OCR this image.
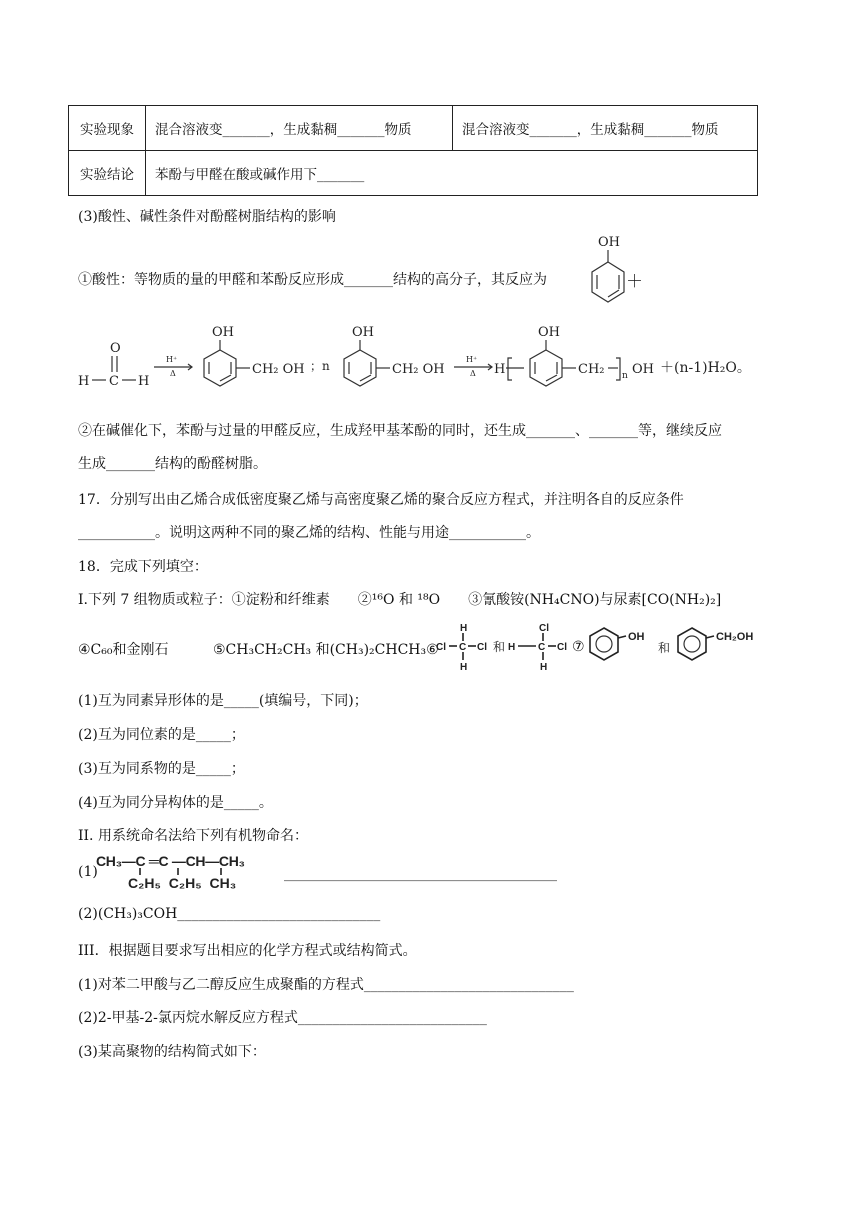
实验现象	混合溶液变_______，生成黏稠_______物质	混合溶液变_______，生成黏稠_______物质
实验结论	苯酚与甲醛在酸或碱作用下_______	
(3)酸性、碱性条件对酚醛树脂结构的影响
①酸性：等物质的量的甲醛和苯酚反应形成_______结构的高分子，其反应为
OH
＋
O
H C H
H⁺
Δ
OH
CH₂ OH ；n
OH
CH₂ OH
H⁺
Δ H
OH
CH₂ n OH ＋(n-1)H₂O。
②在碱催化下，苯酚与过量的甲醛反应，生成羟甲基苯酚的同时，还生成_______、_______等，继续反应
生成_______结构的酚醛树脂。
17．分别写出由乙烯合成低密度聚乙烯与高密度聚乙烯的聚合反应方程式，并注明各自的反应条件
___________。说明这两种不同的聚乙烯的结构、性能与用途___________。
18．完成下列填空：
I.下列 7 组物质或粒子：①淀粉和纤维素　　②¹⁶O 和 ¹⁸O　　③氰酸铵(NH₄CNO)与尿素[CO(NH₂)₂]
④C₆₀和金刚石	⑤CH₃CH₂CH₃ 和(CH₃)₂CHCH₃⑥
H
Cl C Cl
H
和
Cl
H C Cl
H
⑦
OH
和
CH₂OH
(1)互为同素异形体的是_____(填编号，下同)；
(2)互为同位素的是_____；
(3)互为同系物的是_____；
(4)互为同分异构体的是_____。
II. 用系统命名法给下列有机物命名：
(1)
CH₃—C ═C —CH—CH₃
C₂H₅ C₂H₅ CH₃
_______________________________________
(2)(CH₃)₃COH_____________________________
III．根据题目要求写出相应的化学方程式或结构简式。
(1)对苯二甲酸与乙二醇反应生成聚酯的方程式______________________________
(2)2-甲基-2-氯丙烷水解反应方程式___________________________
(3)某高聚物的结构简式如下：
